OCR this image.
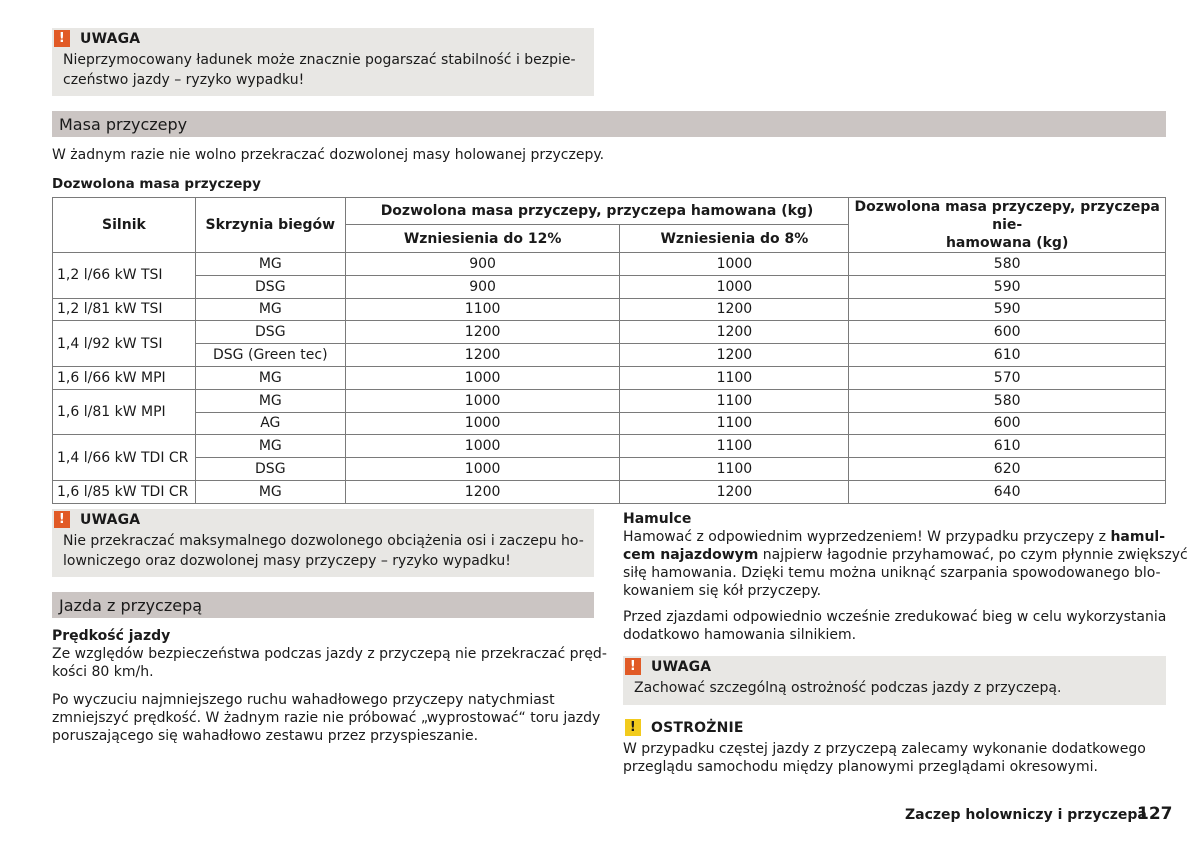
!	UWAGA
Nieprzymocowany ładunek może znacznie pogarszać stabilność i bezpie-
czeństwo jazdy – ryzyko wypadku!
Masa przyczepy
W żadnym razie nie wolno przekraczać dozwolonej masy holowanej przyczepy.
Dozwolona masa przyczepy
Silnik	Skrzynia biegów	Dozwolona masa przyczepy, przyczepa hamowana (kg)		Dozwolona masa przyczepy, przyczepa nie-
hamowana (kg)

		Wzniesienia do 12%	Wzniesienia do 8%	
1,2 l/66 kW TSI	MG	900	1000	580
	DSG	900	1000	590
1,2 l/81 kW TSI	MG	1100	1200	590
1,4 l/92 kW TSI	DSG	1200	1200	600
	DSG (Green tec)	1200	1200	610
1,6 l/66 kW MPI	MG	1000	1100	570
1,6 l/81 kW MPI	MG	1000	1100	580
	AG	1000	1100	600
1,4 l/66 kW TDI CR	MG	1000	1100	610
	DSG	1000	1100	620
1,6 l/85 kW TDI CR	MG	1200	1200	640
!	UWAGA
Nie przekraczać maksymalnego dozwolonego obciążenia osi i zaczepu ho-
lowniczego oraz dozwolonej masy przyczepy – ryzyko wypadku!
Jazda z przyczepą
Prędkość jazdy
Ze względów bezpieczeństwa podczas jazdy z przyczepą nie przekraczać pręd-
kości 80 km/h.
Po wyczuciu najmniejszego ruchu wahadłowego przyczepy natychmiast
zmniejszyć prędkość. W żadnym razie nie próbować „wyprostować“ toru jazdy
poruszającego się wahadłowo zestawu przez przyspieszanie.
Hamulce
Hamować z odpowiednim wyprzedzeniem! W przypadku przyczepy z hamul-
cem najazdowym najpierw łagodnie przyhamować, po czym płynnie zwiększyć
siłę hamowania. Dzięki temu można uniknąć szarpania spowodowanego blo-
kowaniem się kół przyczepy.
Przed zjazdami odpowiednio wcześnie zredukować bieg w celu wykorzystania
dodatkowo hamowania silnikiem.
!	UWAGA
Zachować szczególną ostrożność podczas jazdy z przyczepą.
!	OSTROŻNIE
W przypadku częstej jazdy z przyczepą zalecamy wykonanie dodatkowego
przeglądu samochodu między planowymi przeglądami okresowymi.
Zaczep holowniczy i przyczepa
127
